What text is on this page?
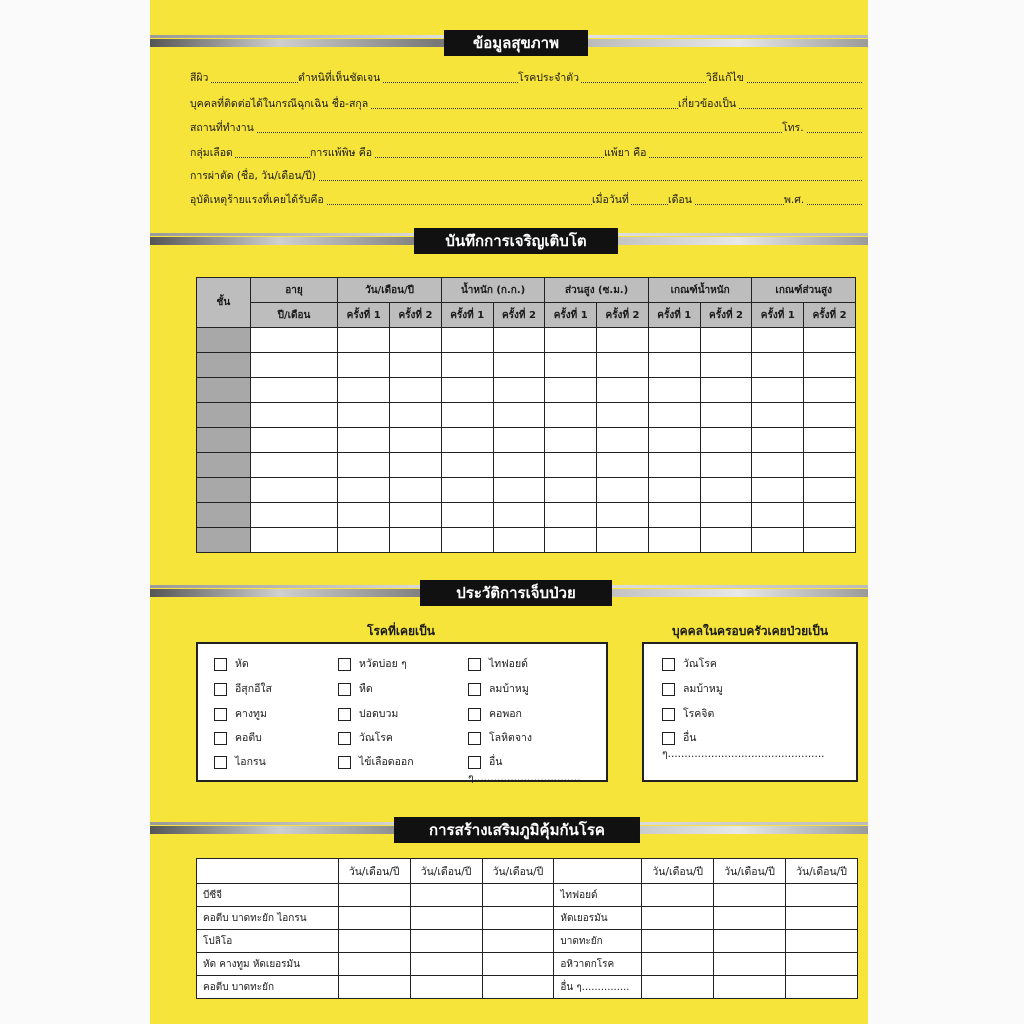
ข้อมูลสุขภาพ
สีผิว	ตำหนิที่เห็นชัดเจน	โรคประจำตัว	วิธีแก้ไข
บุคคลที่ติดต่อได้ในกรณีฉุกเฉิน ชื่อ-สกุล	เกี่ยวข้องเป็น
สถานที่ทำงาน	โทร.
กลุ่มเลือด	การแพ้พิษ คือ	แพ้ยา คือ
การผ่าตัด (ชื่อ, วัน/เดือน/ปี)
อุบัติเหตุร้ายแรงที่เคยได้รับคือ	เมื่อวันที่	เดือน	พ.ศ.
บันทึกการเจริญเติบโต
ชั้น	อายุ	วัน/เดือน/ปี		น้ำหนัก (ก.ก.)		ส่วนสูง (ซ.ม.)		เกณฑ์น้ำหนัก		เกณฑ์ส่วนสูง	
	ปี/เดือน	ครั้งที่ 1	ครั้งที่ 2	ครั้งที่ 1	ครั้งที่ 2	ครั้งที่ 1	ครั้งที่ 2	ครั้งที่ 1	ครั้งที่ 2	ครั้งที่ 1	ครั้งที่ 2

ประวัติการเจ็บป่วย
โรคที่เคยเป็น
หัด
อีสุกอีใส
คางทูม
คอตีบ
ไอกรน
หวัดบ่อย ๆ
หืด
ปอดบวม
วัณโรค
ไข้เลือดออก
ไทฟอยด์
ลมบ้าหมู
คอพอก
โลหิตจาง
อื่น ๆ................................
บุคคลในครอบครัวเคยป่วยเป็น
วัณโรค
ลมบ้าหมู
โรคจิต
อื่น ๆ...............................................
การสร้างเสริมภูมิคุ้มกันโรค
	วัน/เดือน/ปี	วัน/เดือน/ปี	วัน/เดือน/ปี		วัน/เดือน/ปี	วัน/เดือน/ปี	วัน/เดือน/ปี
บีซีจี				ไทฟอยด์			
คอตีบ บาดทะยัก ไอกรน				หัดเยอรมัน			
โปลิโอ				บาดทะยัก			
หัด คางทูม หัดเยอรมัน				อหิวาตกโรค			
คอตีบ บาดทะยัก				อื่น ๆ...............			
